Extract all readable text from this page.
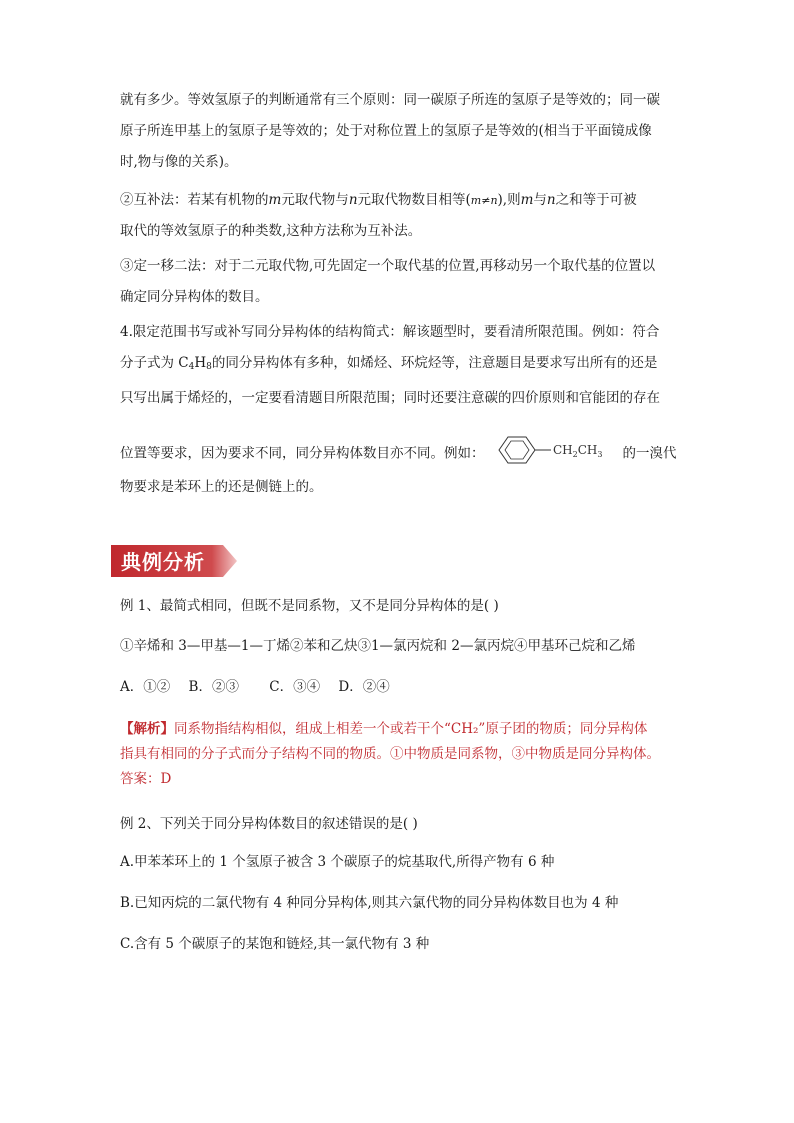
就有多少。等效氢原子的判断通常有三个原则：同一碳原子所连的氢原子是等效的；同一碳
原子所连甲基上的氢原子是等效的；处于对称位置上的氢原子是等效的(相当于平面镜成像
时,物与像的关系)。
②互补法：若某有机物的m元取代物与n元取代物数目相等(m≠n),则m与n之和等于可被
取代的等效氢原子的种类数,这种方法称为互补法。
③定一移二法：对于二元取代物,可先固定一个取代基的位置,再移动另一个取代基的位置以
确定同分异构体的数目。
4.限定范围书写或补写同分异构体的结构简式：解该题型时，要看清所限范围。例如：符合
分子式为 $C_4H_8$的同分异构体有多种，如烯烃、环烷烃等，注意题目是要求写出所有的还是
只写出属于烯烃的，一定要看清题目所限范围；同时还要注意碳的四价原则和官能团的存在
位置等要求，因为要求不同，同分异构体数目亦不同。例如：	$CH_2CH_3$ 的一溴代
物要求是苯环上的还是侧链上的。
典例分析
例 1、最简式相同，但既不是同系物，又不是同分异构体的是( )
①辛烯和 3—甲基—1—丁烯②苯和乙炔③1—氯丙烷和 2—氯丙烷④甲基环己烷和乙烯
A．①② B．②③ C．③④ D．②④
【解析】同系物指结构相似，组成上相差一个或若干个“CH₂”原子团的物质；同分异构体
指具有相同的分子式而分子结构不同的物质。①中物质是同系物，③中物质是同分异构体。
答案：D
例 2、下列关于同分异构体数目的叙述错误的是( )
A.甲苯苯环上的 1 个氢原子被含 3 个碳原子的烷基取代,所得产物有 6 种
B.已知丙烷的二氯代物有 4 种同分异构体,则其六氯代物的同分异构体数目也为 4 种
C.含有 5 个碳原子的某饱和链烃,其一氯代物有 3 种
